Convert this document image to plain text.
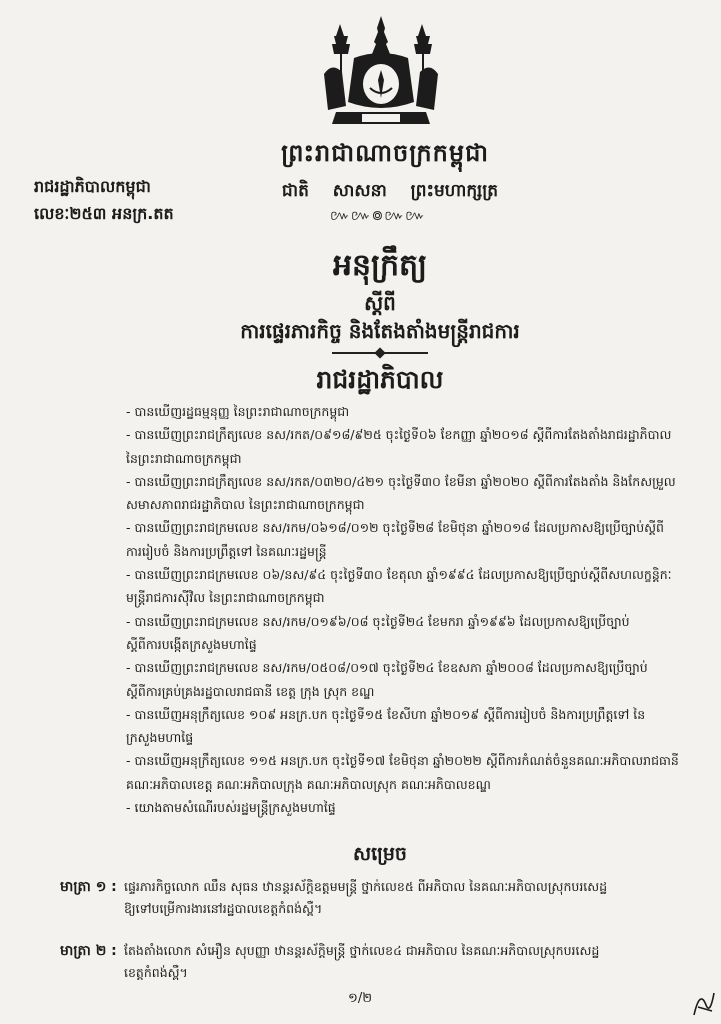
ព្រះរាជាណាចក្រកម្ពុជា
ជាតិ សាសនា ព្រះមហាក្សត្រ
៚៚៙៚៚
រាជរដ្ឋាភិបាលកម្ពុជា
លេខៈ២៥៣ អនក្រ.តត
អនុក្រឹត្យ
ស្តីពី
ការផ្ទេរភារកិច្ច និងតែងតាំងមន្ត្រីរាជការ
រាជរដ្ឋាភិបាល
- បានឃើញរដ្ឋធម្មនុញ្ញ នៃព្រះរាជាណាចក្រកម្ពុជា
- បានឃើញព្រះរាជក្រឹត្យលេខ នស/រកត/០៩១៨/៩២៥ ចុះថ្ងៃទី០៦ ខែកញ្ញា ឆ្នាំ២០១៨ ស្តីពីការតែងតាំងរាជរដ្ឋាភិបាល
នៃព្រះរាជាណាចក្រកម្ពុជា
- បានឃើញព្រះរាជក្រឹត្យលេខ នស/រកត/០៣២០/៤២១ ចុះថ្ងៃទី៣០ ខែមីនា ឆ្នាំ២០២០ ស្តីពីការតែងតាំង និងកែសម្រួល
សមាសភាពរាជរដ្ឋាភិបាល នៃព្រះរាជាណាចក្រកម្ពុជា
- បានឃើញព្រះរាជក្រមលេខ នស/រកម/០៦១៨/០១២ ចុះថ្ងៃទី២៨ ខែមិថុនា ឆ្នាំ២០១៨ ដែលប្រកាសឱ្យប្រើច្បាប់ស្តីពី
ការរៀបចំ និងការប្រព្រឹត្តទៅ នៃគណៈរដ្ឋមន្ត្រី
- បានឃើញព្រះរាជក្រមលេខ ០៦/នស/៩៤ ចុះថ្ងៃទី៣០ ខែតុលា ឆ្នាំ១៩៩៤ ដែលប្រកាសឱ្យប្រើច្បាប់ស្តីពីសហលក្ខន្តិកៈ
មន្ត្រីរាជការស៊ីវិល នៃព្រះរាជាណាចក្រកម្ពុជា
- បានឃើញព្រះរាជក្រមលេខ នស/រកម/០១៩៦/០៨ ចុះថ្ងៃទី២៤ ខែមករា ឆ្នាំ១៩៩៦ ដែលប្រកាសឱ្យប្រើច្បាប់
ស្តីពីការបង្កើតក្រសួងមហាផ្ទៃ
- បានឃើញព្រះរាជក្រមលេខ នស/រកម/០៥០៨/០១៧ ចុះថ្ងៃទី២៤ ខែឧសភា ឆ្នាំ២០០៨ ដែលប្រកាសឱ្យប្រើច្បាប់
ស្តីពីការគ្រប់គ្រងរដ្ឋបាលរាជធានី ខេត្ត ក្រុង ស្រុក ខណ្ឌ
- បានឃើញអនុក្រឹត្យលេខ ១០៩ អនក្រ.បក ចុះថ្ងៃទី១៥ ខែសីហា ឆ្នាំ២០១៩ ស្តីពីការរៀបចំ និងការប្រព្រឹត្តទៅ នៃ
ក្រសួងមហាផ្ទៃ
- បានឃើញអនុក្រឹត្យលេខ ១១៥ អនក្រ.បក ចុះថ្ងៃទី១៧ ខែមិថុនា ឆ្នាំ២០២២ ស្តីពីការកំណត់ចំនួនគណៈអភិបាលរាជធានី
គណៈអភិបាលខេត្ត គណៈអភិបាលក្រុង គណៈអភិបាលស្រុក គណៈអភិបាលខណ្ឌ
- យោងតាមសំណើរបស់រដ្ឋមន្ត្រីក្រសួងមហាផ្ទៃ
សម្រេច
មាត្រា ១ : ផ្ទេរភារកិច្ចលោក ឈឹន សុធន ឋានន្តរស័ក្តិឧត្តមមន្ត្រី ថ្នាក់លេខ៥ ពីអភិបាល នៃគណៈអភិបាលស្រុកបរសេដ្ឋ
ឱ្យទៅបម្រើការងារនៅរដ្ឋបាលខេត្តកំពង់ស្ពឺ។
មាត្រា ២ : តែងតាំងលោក សំអឿន សុបញ្ញា ឋានន្តរស័ក្តិមន្ត្រី ថ្នាក់លេខ៤ ជាអភិបាល នៃគណៈអភិបាលស្រុកបរសេដ្ឋ
ខេត្តកំពង់ស្ពឺ។
១/២
